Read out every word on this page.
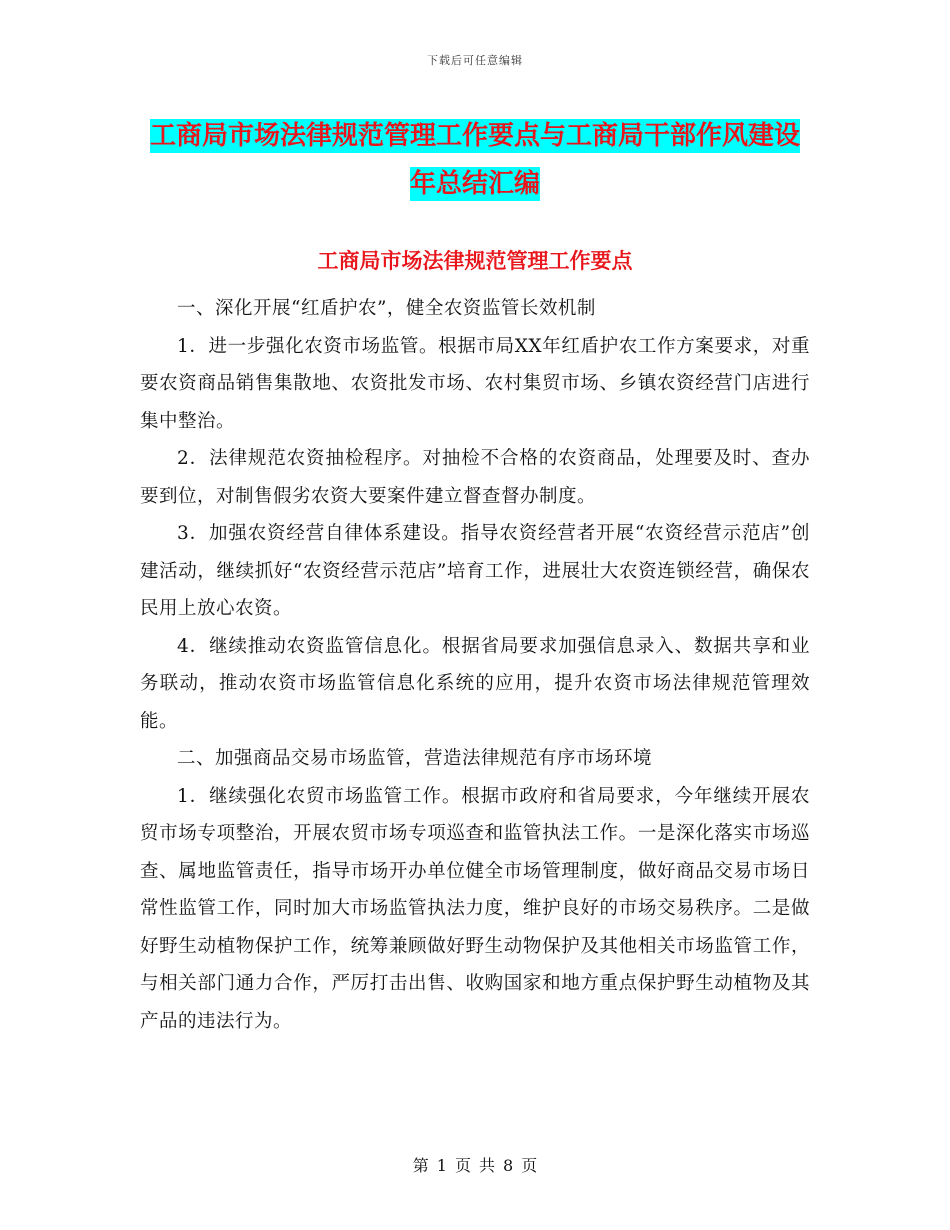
下载后可任意编辑
工商局市场法律规范管理工作要点与工商局干部作风建设年总结汇编
工商局市场法律规范管理工作要点

一、深化开展“红盾护农”，健全农资监管长效机制

1．进一步强化农资市场监管。根据市局XX年红盾护农工作方案要求，对重要农资商品销售集散地、农资批发市场、农村集贸市场、乡镇农资经营门店进行集中整治。

2．法律规范农资抽检程序。对抽检不合格的农资商品，处理要及时、查办要到位，对制售假劣农资大要案件建立督查督办制度。

3．加强农资经营自律体系建设。指导农资经营者开展“农资经营示范店”创建活动，继续抓好“农资经营示范店”培育工作，进展壮大农资连锁经营，确保农民用上放心农资。

4．继续推动农资监管信息化。根据省局要求加强信息录入、数据共享和业务联动，推动农资市场监管信息化系统的应用，提升农资市场法律规范管理效能。

二、加强商品交易市场监管，营造法律规范有序市场环境

1．继续强化农贸市场监管工作。根据市政府和省局要求，今年继续开展农贸市场专项整治，开展农贸市场专项巡查和监管执法工作。一是深化落实市场巡查、属地监管责任，指导市场开办单位健全市场管理制度，做好商品交易市场日常性监管工作，同时加大市场监管执法力度，维护良好的市场交易秩序。二是做好野生动植物保护工作，统筹兼顾做好野生动物保护及其他相关市场监管工作，与相关部门通力合作，严厉打击出售、收购国家和地方重点保护野生动植物及其产品的违法行为。

第 1 页 共 8 页
